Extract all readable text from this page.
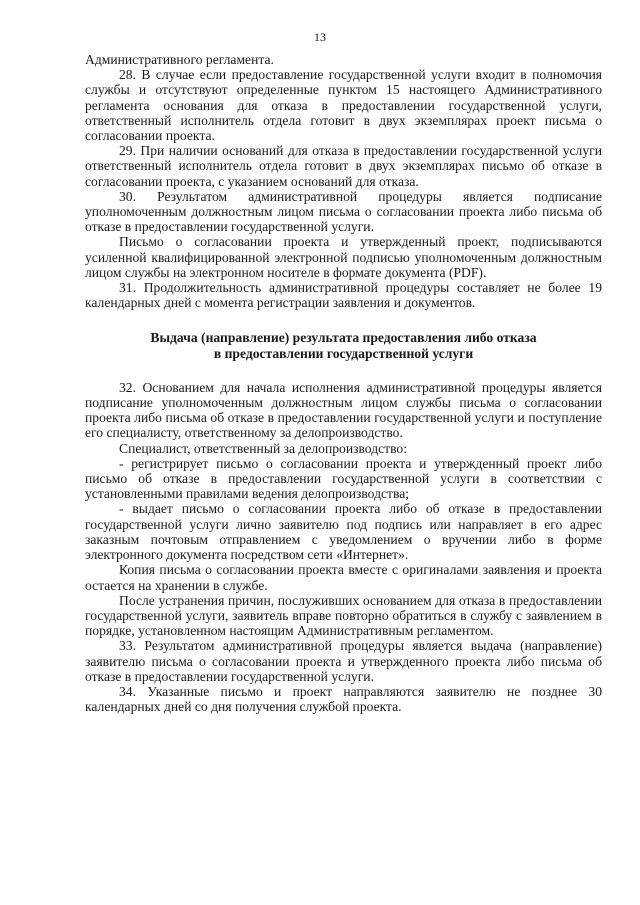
13

Административного регламента.

28. В случае если предоставление государственной услуги входит в полномочия службы и отсутствуют определенные пунктом 15 настоящего Административного регламента основания для отказа в предоставлении государственной услуги, ответственный исполнитель отдела готовит в двух экземплярах проект письма о согласовании проекта.

29. При наличии оснований для отказа в предоставлении государственной услуги ответственный исполнитель отдела готовит в двух экземплярах письмо об отказе в согласовании проекта, с указанием оснований для отказа.

30. Результатом административной процедуры является подписание уполномоченным должностным лицом письма о согласовании проекта либо письма об отказе в предоставлении государственной услуги.

Письмо о согласовании проекта и утвержденный проект, подписываются усиленной квалифицированной электронной подписью уполномоченным должностным лицом службы на электронном носителе в формате документа (PDF).

31. Продолжительность административной процедуры составляет не более 19 календарных дней с момента регистрации заявления и документов.

Выдача (направление) результата предоставления либо отказа
в предоставлении государственной услуги

32. Основанием для начала исполнения административной процедуры является подписание уполномоченным должностным лицом службы письма о согласовании проекта либо письма об отказе в предоставлении государственной услуги и поступление его специалисту, ответственному за делопроизводство.

Специалист, ответственный за делопроизводство:

- регистрирует письмо о согласовании проекта и утвержденный проект либо письмо об отказе в предоставлении государственной услуги в соответствии с установленными правилами ведения делопроизводства;

- выдает письмо о согласовании проекта либо об отказе в предоставлении государственной услуги лично заявителю под подпись или направляет в его адрес заказным почтовым отправлением с уведомлением о вручении либо в форме электронного документа посредством сети «Интернет».

Копия письма о согласовании проекта вместе с оригиналами заявления и проекта остается на хранении в службе.

После устранения причин, послуживших основанием для отказа в предоставлении государственной услуги, заявитель вправе повторно обратиться в службу с заявлением в порядке, установленном настоящим Административным регламентом.

33. Результатом административной процедуры является выдача (направление) заявителю письма о согласовании проекта и утвержденного проекта либо письма об отказе в предоставлении государственной услуги.

34. Указанные письмо и проект направляются заявителю не позднее 30 календарных дней со дня получения службой проекта.
